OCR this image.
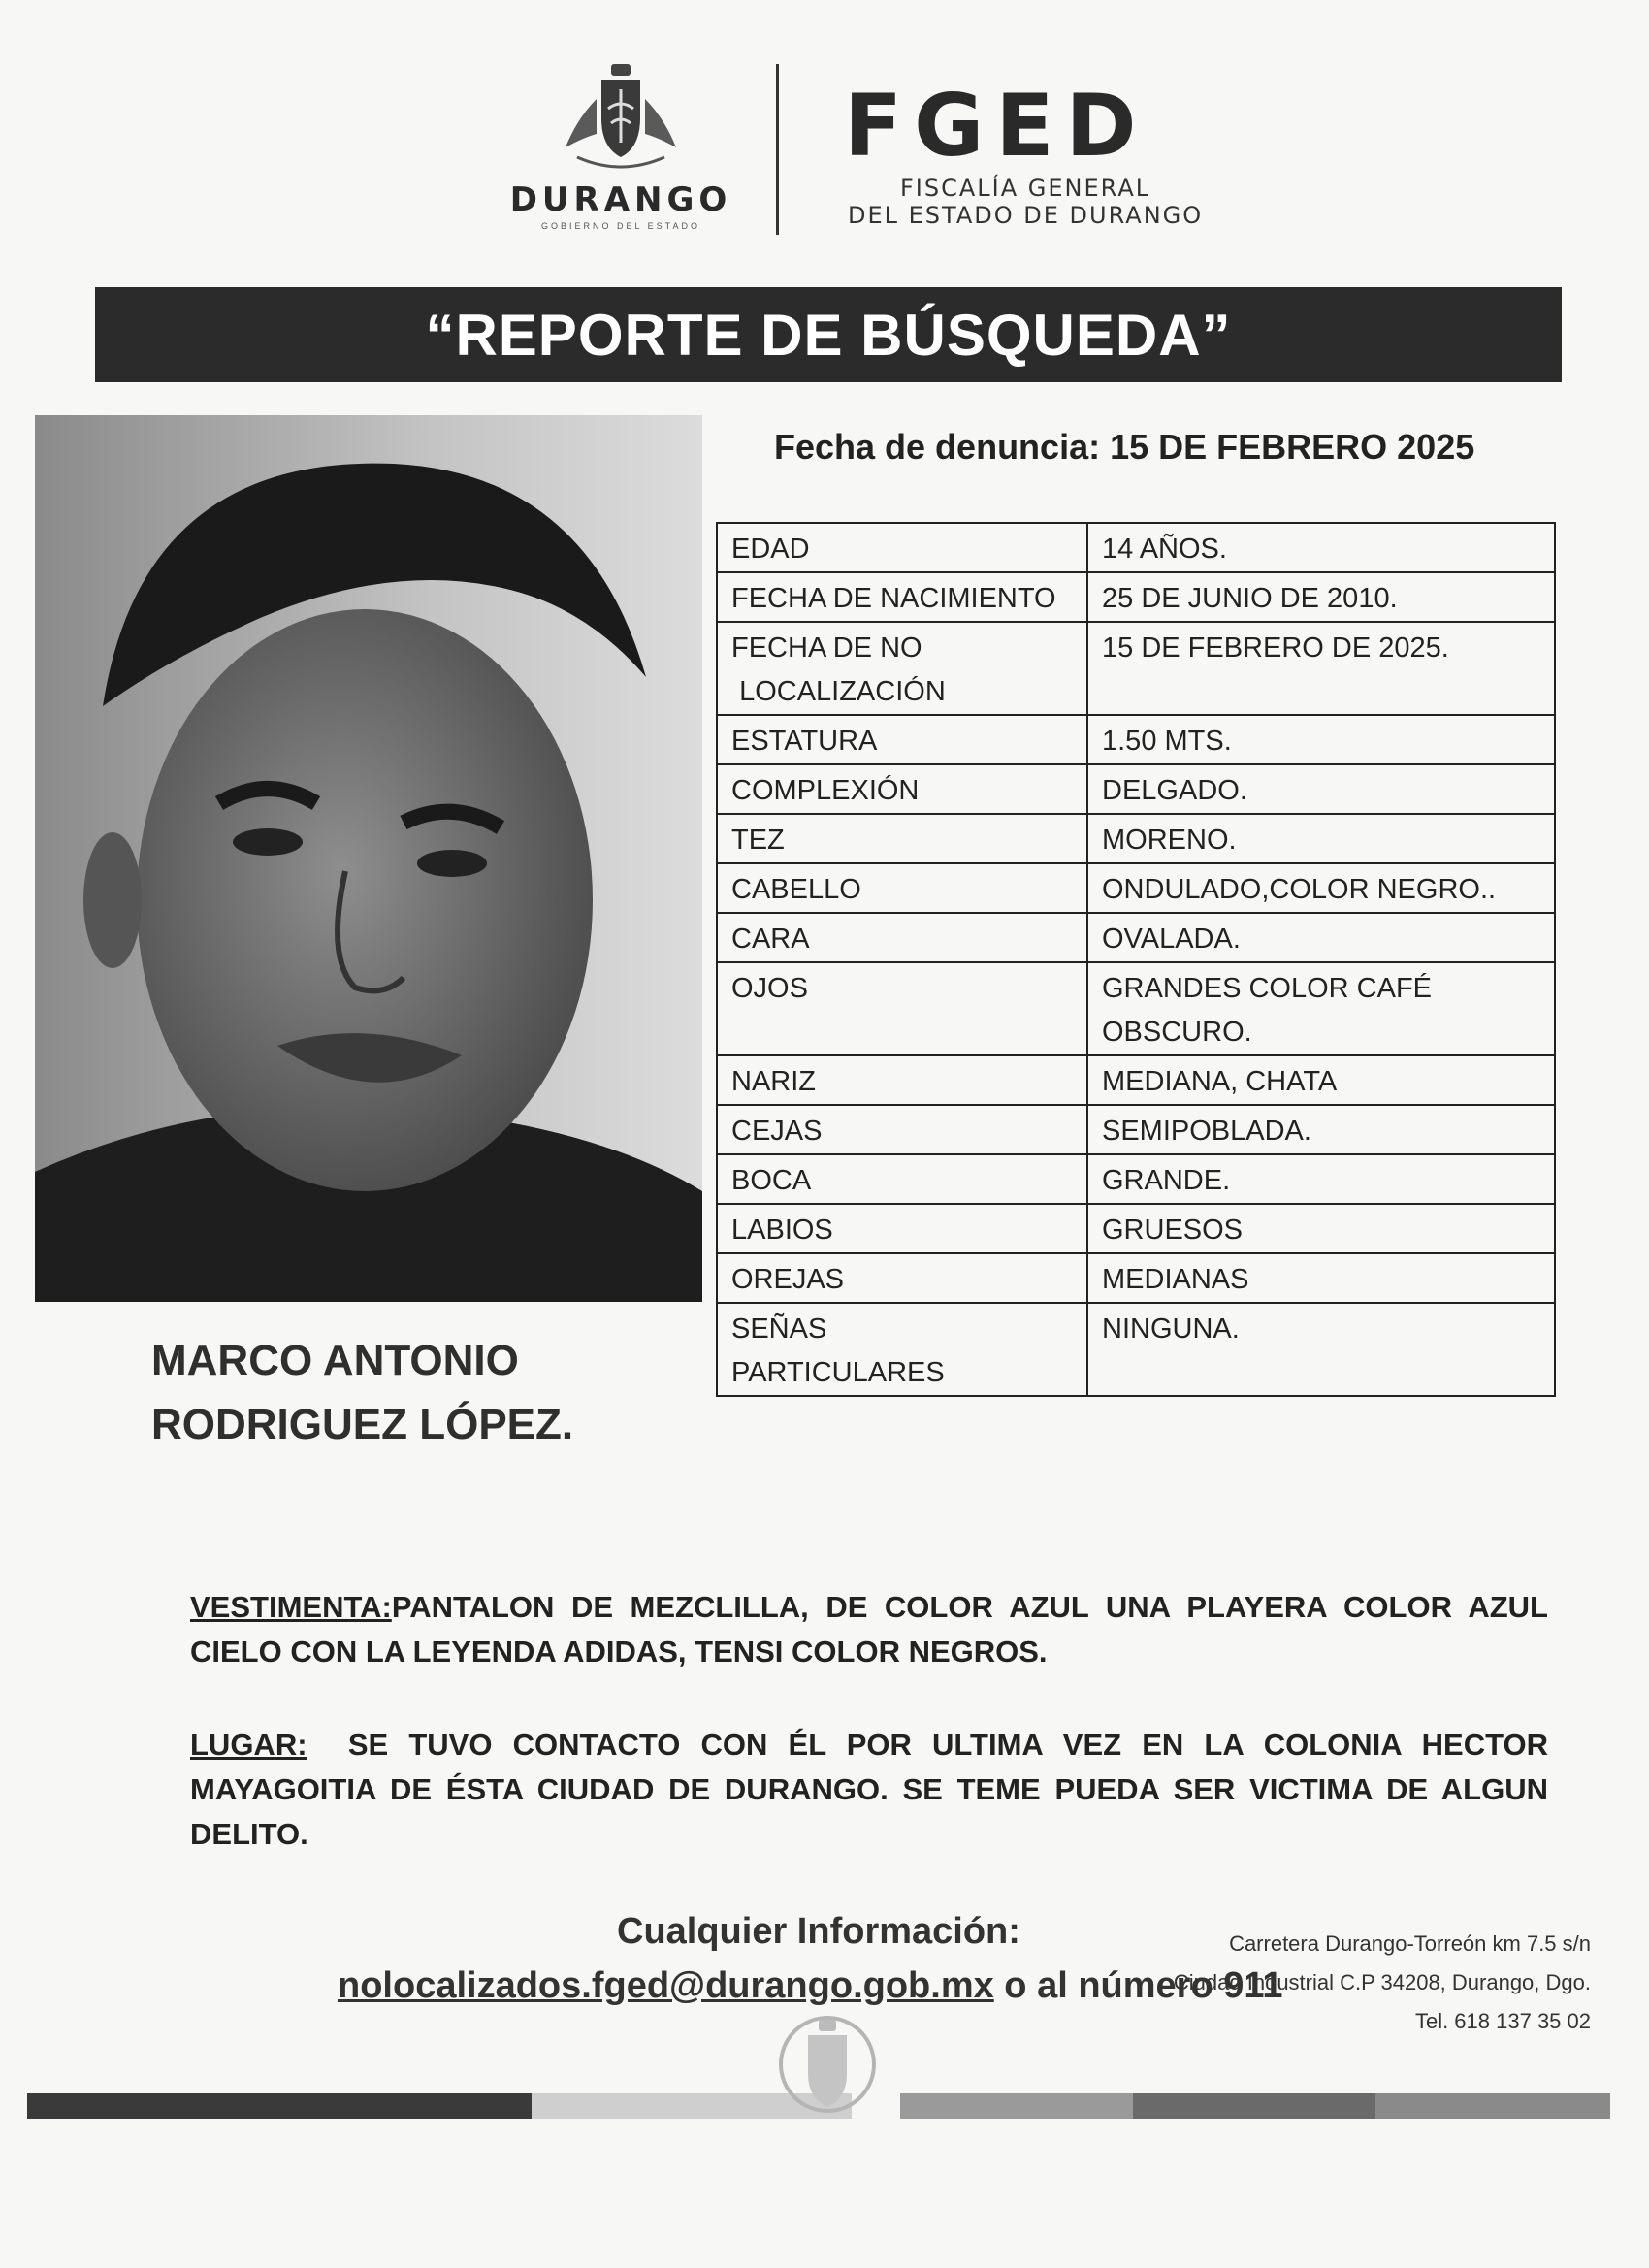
DURANGO
GOBIERNO DEL ESTADO
FGED
FISCALÍA GENERAL
DEL ESTADO DE DURANGO
“REPORTE DE BÚSQUEDA”
Fecha de denuncia: 15 DE FEBRERO 2025
EDAD	14 AÑOS.
FECHA DE NACIMIENTO	25 DE JUNIO DE 2010.
FECHA DE NO
LOCALIZACIÓN	15 DE FEBRERO DE 2025.
ESTATURA	1.50 MTS.
COMPLEXIÓN	DELGADO.
TEZ	MORENO.
CABELLO	ONDULADO,COLOR NEGRO..
CARA	OVALADA.
OJOS	GRANDES COLOR CAFÉ
OBSCURO.
NARIZ	MEDIANA, CHATA
CEJAS	SEMIPOBLADA.
BOCA	GRANDE.
LABIOS	GRUESOS
OREJAS	MEDIANAS
SEÑAS
PARTICULARES	NINGUNA.
MARCO ANTONIO
RODRIGUEZ LÓPEZ.
VESTIMENTA:PANTALON DE MEZCLILLA, DE COLOR AZUL UNA PLAYERA COLOR AZUL CIELO CON LA LEYENDA ADIDAS, TENSI COLOR NEGROS.
LUGAR:  SE TUVO CONTACTO CON ÉL POR ULTIMA VEZ EN LA COLONIA HECTOR MAYAGOITIA DE ÉSTA CIUDAD DE DURANGO. SE TEME PUEDA SER VICTIMA DE ALGUN DELITO.
Cualquier Información:
nolocalizados.fged@durango.gob.mx o al número 911
Carretera Durango-Torreón km 7.5 s/n
Ciudad Industrial C.P 34208, Durango, Dgo.
Tel. 618 137 35 02
